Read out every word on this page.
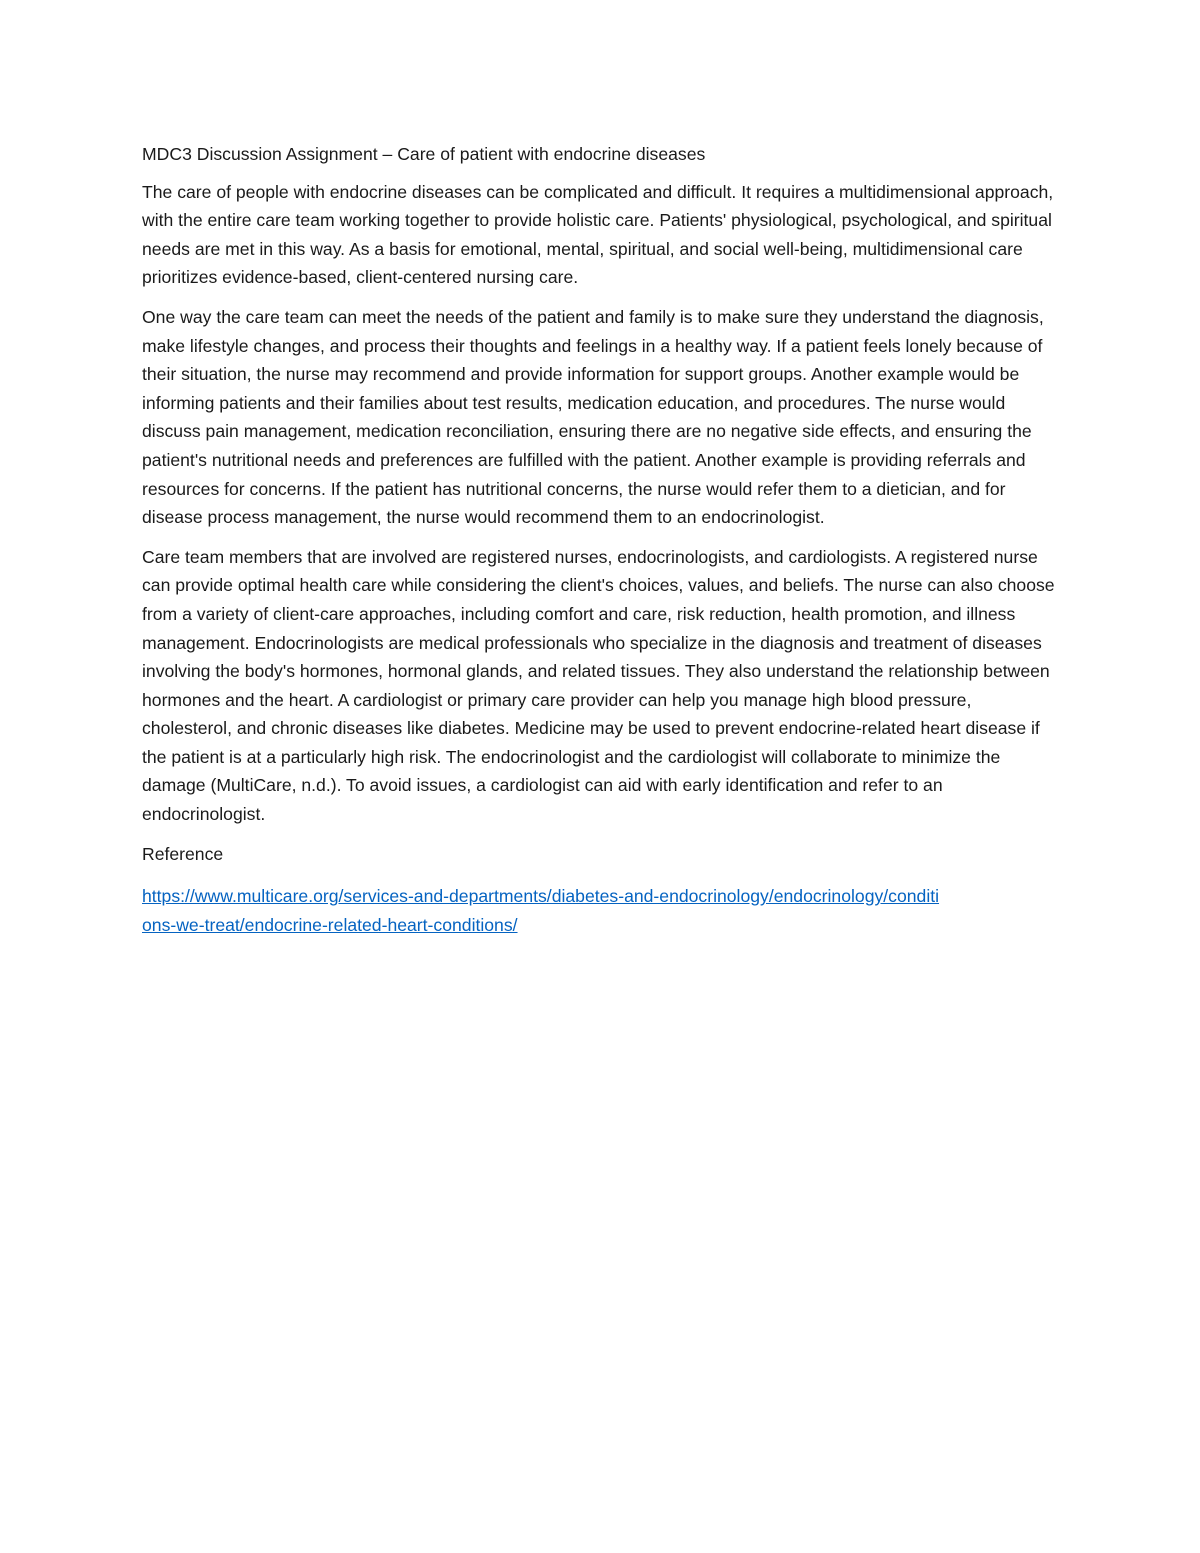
MDC3 Discussion Assignment – Care of patient with endocrine diseases

The care of people with endocrine diseases can be complicated and difficult. It requires a multidimensional approach, with the entire care team working together to provide holistic care. Patients' physiological, psychological, and spiritual needs are met in this way. As a basis for emotional, mental, spiritual, and social well-being, multidimensional care prioritizes evidence-based, client-centered nursing care.

One way the care team can meet the needs of the patient and family is to make sure they understand the diagnosis, make lifestyle changes, and process their thoughts and feelings in a healthy way. If a patient feels lonely because of their situation, the nurse may recommend and provide information for support groups. Another example would be informing patients and their families about test results, medication education, and procedures. The nurse would discuss pain management, medication reconciliation, ensuring there are no negative side effects, and ensuring the patient's nutritional needs and preferences are fulfilled with the patient. Another example is providing referrals and resources for concerns. If the patient has nutritional concerns, the nurse would refer them to a dietician, and for disease process management, the nurse would recommend them to an endocrinologist.

Care team members that are involved are registered nurses, endocrinologists, and cardiologists. A registered nurse can provide optimal health care while considering the client's choices, values, and beliefs. The nurse can also choose from a variety of client-care approaches, including comfort and care, risk reduction, health promotion, and illness management. Endocrinologists are medical professionals who specialize in the diagnosis and treatment of diseases involving the body's hormones, hormonal glands, and related tissues. They also understand the relationship between hormones and the heart. A cardiologist or primary care provider can help you manage high blood pressure, cholesterol, and chronic diseases like diabetes. Medicine may be used to prevent endocrine-related heart disease if the patient is at a particularly high risk. The endocrinologist and the cardiologist will collaborate to minimize the damage (MultiCare, n.d.). To avoid issues, a cardiologist can aid with early identification and refer to an endocrinologist.

Reference

https://www.multicare.org/services-and-departments/diabetes-and-endocrinology/endocrinology/conditions-we-treat/endocrine-related-heart-conditions/
